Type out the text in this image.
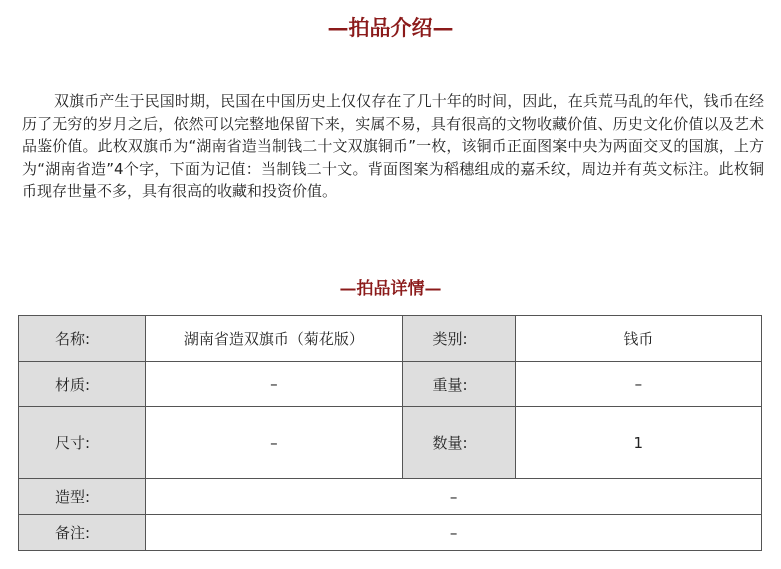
—拍品介绍—

双旗币产生于民国时期，民国在中国历史上仅仅存在了几十年的时间，因此，在兵荒马乱的年代，钱币在经历了无穷的岁月之后，依然可以完整地保留下来，实属不易，具有很高的文物收藏价值、历史文化价值以及艺术品鉴价值。此枚双旗币为“湖南省造当制钱二十文双旗铜币”一枚，该铜币正面图案中央为两面交叉的国旗，上方为“湖南省造”4个字，下面为记值：当制钱二十文。背面图案为稻穗组成的嘉禾纹，周边并有英文标注。此枚铜币现存世量不多，具有很高的收藏和投资价值。

—拍品详情—
名称:	湖南省造双旗币（菊花版）	类别:	钱币
材质:	–	重量:	–
尺寸:	–	数量:	1
造型:	–		
备注:	–		
